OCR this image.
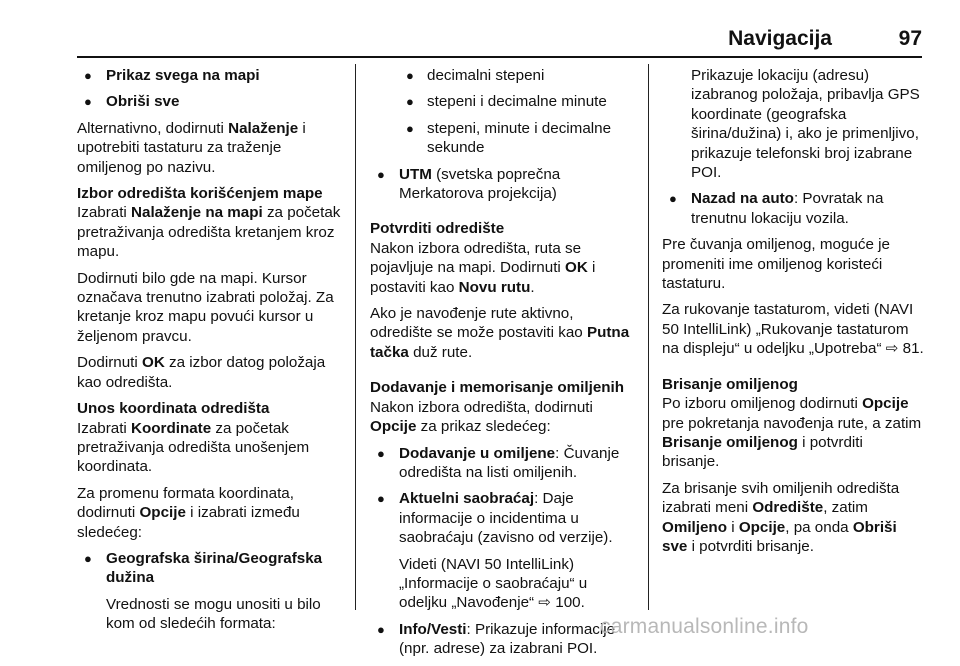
Navigacija	97
● Prikaz svega na mapi
● Obriši sve
Alternativno, dodirnuti Nalaženje i upotrebiti tastaturu za traženje omiljenog po nazivu.
Izbor odredišta korišćenjem mape
Izabrati Nalaženje na mapi za početak pretraživanja odredišta kretanjem kroz mapu.
Dodirnuti bilo gde na mapi. Kursor označava trenutno izabrati položaj. Za kretanje kroz mapu povući kursor u željenom pravcu.
Dodirnuti OK za izbor datog položaja kao odredišta.
Unos koordinata odredišta
Izabrati Koordinate za početak pretraživanja odredišta unošenjem koordinata.
Za promenu formata koordinata, dodirnuti Opcije i izabrati između sledećeg:
● Geografska širina/Geografska dužina
Vrednosti se mogu unositi u bilo kom od sledećih formata:
● decimalni stepeni
● stepeni i decimalne minute
● stepeni, minute i decimalne sekunde
● UTM (svetska poprečna Merkatorova projekcija)
Potvrditi odredište
Nakon izbora odredišta, ruta se pojavljuje na mapi. Dodirnuti OK i postaviti kao Novu rutu.
Ako je navođenje rute aktivno, odredište se može postaviti kao Putna tačka duž rute.
Dodavanje i memorisanje omiljenih
Nakon izbora odredišta, dodirnuti Opcije za prikaz sledećeg:
● Dodavanje u omiljene: Čuvanje odredišta na listi omiljenih.
● Aktuelni saobraćaj: Daje informacije o incidentima u saobraćaju (zavisno od verzije).
Videti (NAVI 50 IntelliLink) „Informacije o saobraćaju“ u odeljku „Navođenje“ ⇨ 100.
● Info/Vesti: Prikazuje informacije (npr. adrese) za izabrani POI.
Prikazuje lokaciju (adresu) izabranog položaja, pribavlja GPS koordinate (geografska širina/dužina) i, ako je primenljivo, prikazuje telefonski broj izabrane POI.
● Nazad na auto: Povratak na trenutnu lokaciju vozila.
Pre čuvanja omiljenog, moguće je promeniti ime omiljenog koristeći tastaturu.
Za rukovanje tastaturom, videti (NAVI 50 IntelliLink) „Rukovanje tastaturom na displeju“ u odeljku „Upotreba“ ⇨ 81.
Brisanje omiljenog
Po izboru omiljenog dodirnuti Opcije pre pokretanja navođenja rute, a zatim Brisanje omiljenog i potvrditi brisanje.
Za brisanje svih omiljenih odredišta izabrati meni Odredište, zatim Omiljeno i Opcije, pa onda Obriši sve i potvrditi brisanje.
carmanualsonline.info
